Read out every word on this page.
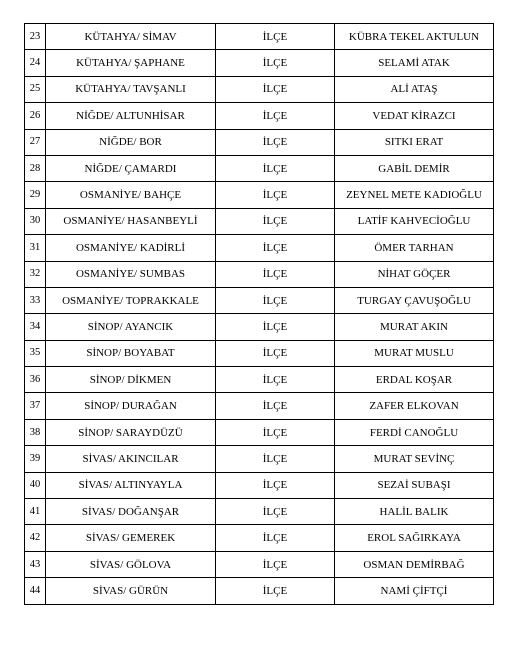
23	KÜTAHYA/ SİMAV	İLÇE	KÜBRA TEKEL AKTULUN
24	KÜTAHYA/ ŞAPHANE	İLÇE	SELAMİ ATAK
25	KÜTAHYA/ TAVŞANLI	İLÇE	ALİ ATAŞ
26	NİĞDE/ ALTUNHİSAR	İLÇE	VEDAT KİRAZCI
27	NİĞDE/ BOR	İLÇE	SITKI ERAT
28	NİĞDE/ ÇAMARDI	İLÇE	GABİL DEMİR
29	OSMANİYE/ BAHÇE	İLÇE	ZEYNEL METE KADIOĞLU
30	OSMANİYE/ HASANBEYLİ	İLÇE	LATİF KAHVECİOĞLU
31	OSMANİYE/ KADİRLİ	İLÇE	ÖMER TARHAN
32	OSMANİYE/ SUMBAS	İLÇE	NİHAT GÖÇER
33	OSMANİYE/ TOPRAKKALE	İLÇE	TURGAY ÇAVUŞOĞLU
34	SİNOP/ AYANCIK	İLÇE	MURAT AKIN
35	SİNOP/ BOYABAT	İLÇE	MURAT MUSLU
36	SİNOP/ DİKMEN	İLÇE	ERDAL KOŞAR
37	SİNOP/ DURAĞAN	İLÇE	ZAFER ELKOVAN
38	SİNOP/ SARAYDÜZÜ	İLÇE	FERDİ CANOĞLU
39	SİVAS/ AKINCILAR	İLÇE	MURAT SEVİNÇ
40	SİVAS/ ALTINYAYLA	İLÇE	SEZAİ SUBAŞI
41	SİVAS/ DOĞANŞAR	İLÇE	HALİL BALIK
42	SİVAS/ GEMEREK	İLÇE	EROL SAĞIRKAYA
43	SİVAS/ GÖLOVA	İLÇE	OSMAN DEMİRBAĞ
44	SİVAS/ GÜRÜN	İLÇE	NAMİ ÇİFTÇİ
